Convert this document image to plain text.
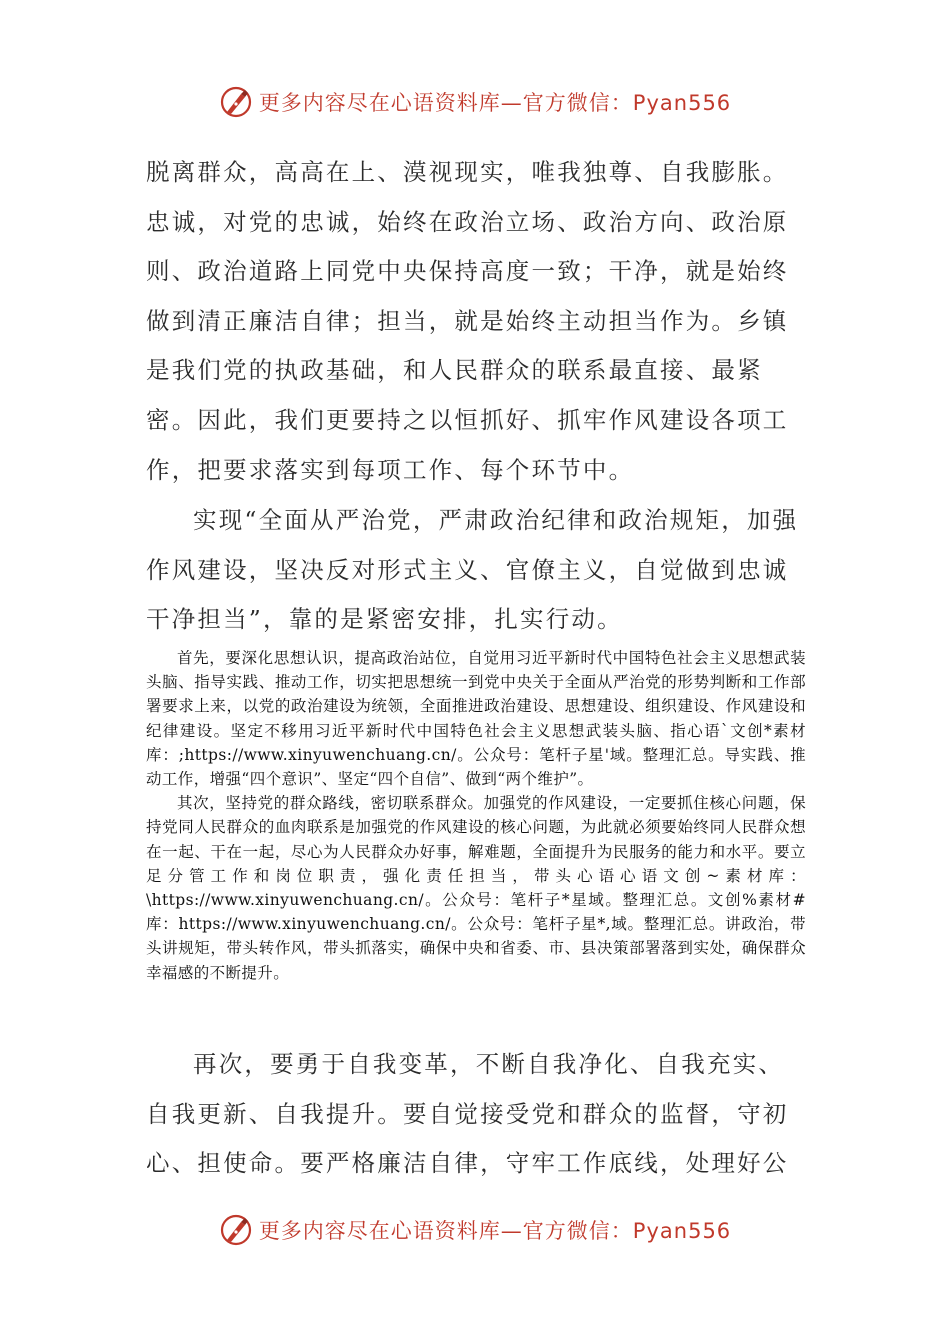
更多内容尽在心语资料库—官方微信：Pyan556

脱离群众，高高在上、漠视现实，唯我独尊、自我膨胀。忠诚，对党的忠诚，始终在政治立场、政治方向、政治原则、政治道路上同党中央保持高度一致；干净，就是始终做到清正廉洁自律；担当，就是始终主动担当作为。乡镇是我们党的执政基础，和人民群众的联系最直接、最紧密。因此，我们更要持之以恒抓好、抓牢作风建设各项工作，把要求落实到每项工作、每个环节中。

实现“全面从严治党，严肃政治纪律和政治规矩，加强作风建设，坚决反对形式主义、官僚主义，自觉做到忠诚干净担当”，靠的是紧密安排，扎实行动。

首先，要深化思想认识，提高政治站位，自觉用习近平新时代中国特色社会主义思想武装头脑、指导实践、推动工作，切实把思想统一到党中央关于全面从严治党的形势判断和工作部署要求上来，以党的政治建设为统领，全面推进政治建设、思想建设、组织建设、作风建设和纪律建设。坚定不移用习近平新时代中国特色社会主义思想武装头脑、指心语`文创*素材库：;https://www.xinyuwenchuang.cn/。公众号：笔杆子星'域。整理汇总。导实践、推动工作，增强“四个意识”、坚定“四个自信”、做到“两个维护”。

其次，坚持党的群众路线，密切联系群众。加强党的作风建设，一定要抓住核心问题，保持党同人民群众的血肉联系是加强党的作风建设的核心问题，为此就必须要始终同人民群众想在一起、干在一起，尽心为人民群众办好事，解难题，全面提升为民服务的能力和水平。要立足分管工作和岗位职责，强化责任担当，带头心语心语文创~素材库：\https://www.xinyuwenchuang.cn/。公众号：笔杆子*星域。整理汇总。文创%素材#库：https://www.xinyuwenchuang.cn/。公众号：笔杆子星*,域。整理汇总。讲政治，带头讲规矩，带头转作风，带头抓落实，确保中央和省委、市、县决策部署落到实处，确保群众幸福感的不断提升。

再次，要勇于自我变革，不断自我净化、自我充实、自我更新、自我提升。要自觉接受党和群众的监督，守初心、担使命。要严格廉洁自律，守牢工作底线，处理好公

更多内容尽在心语资料库—官方微信：Pyan556
